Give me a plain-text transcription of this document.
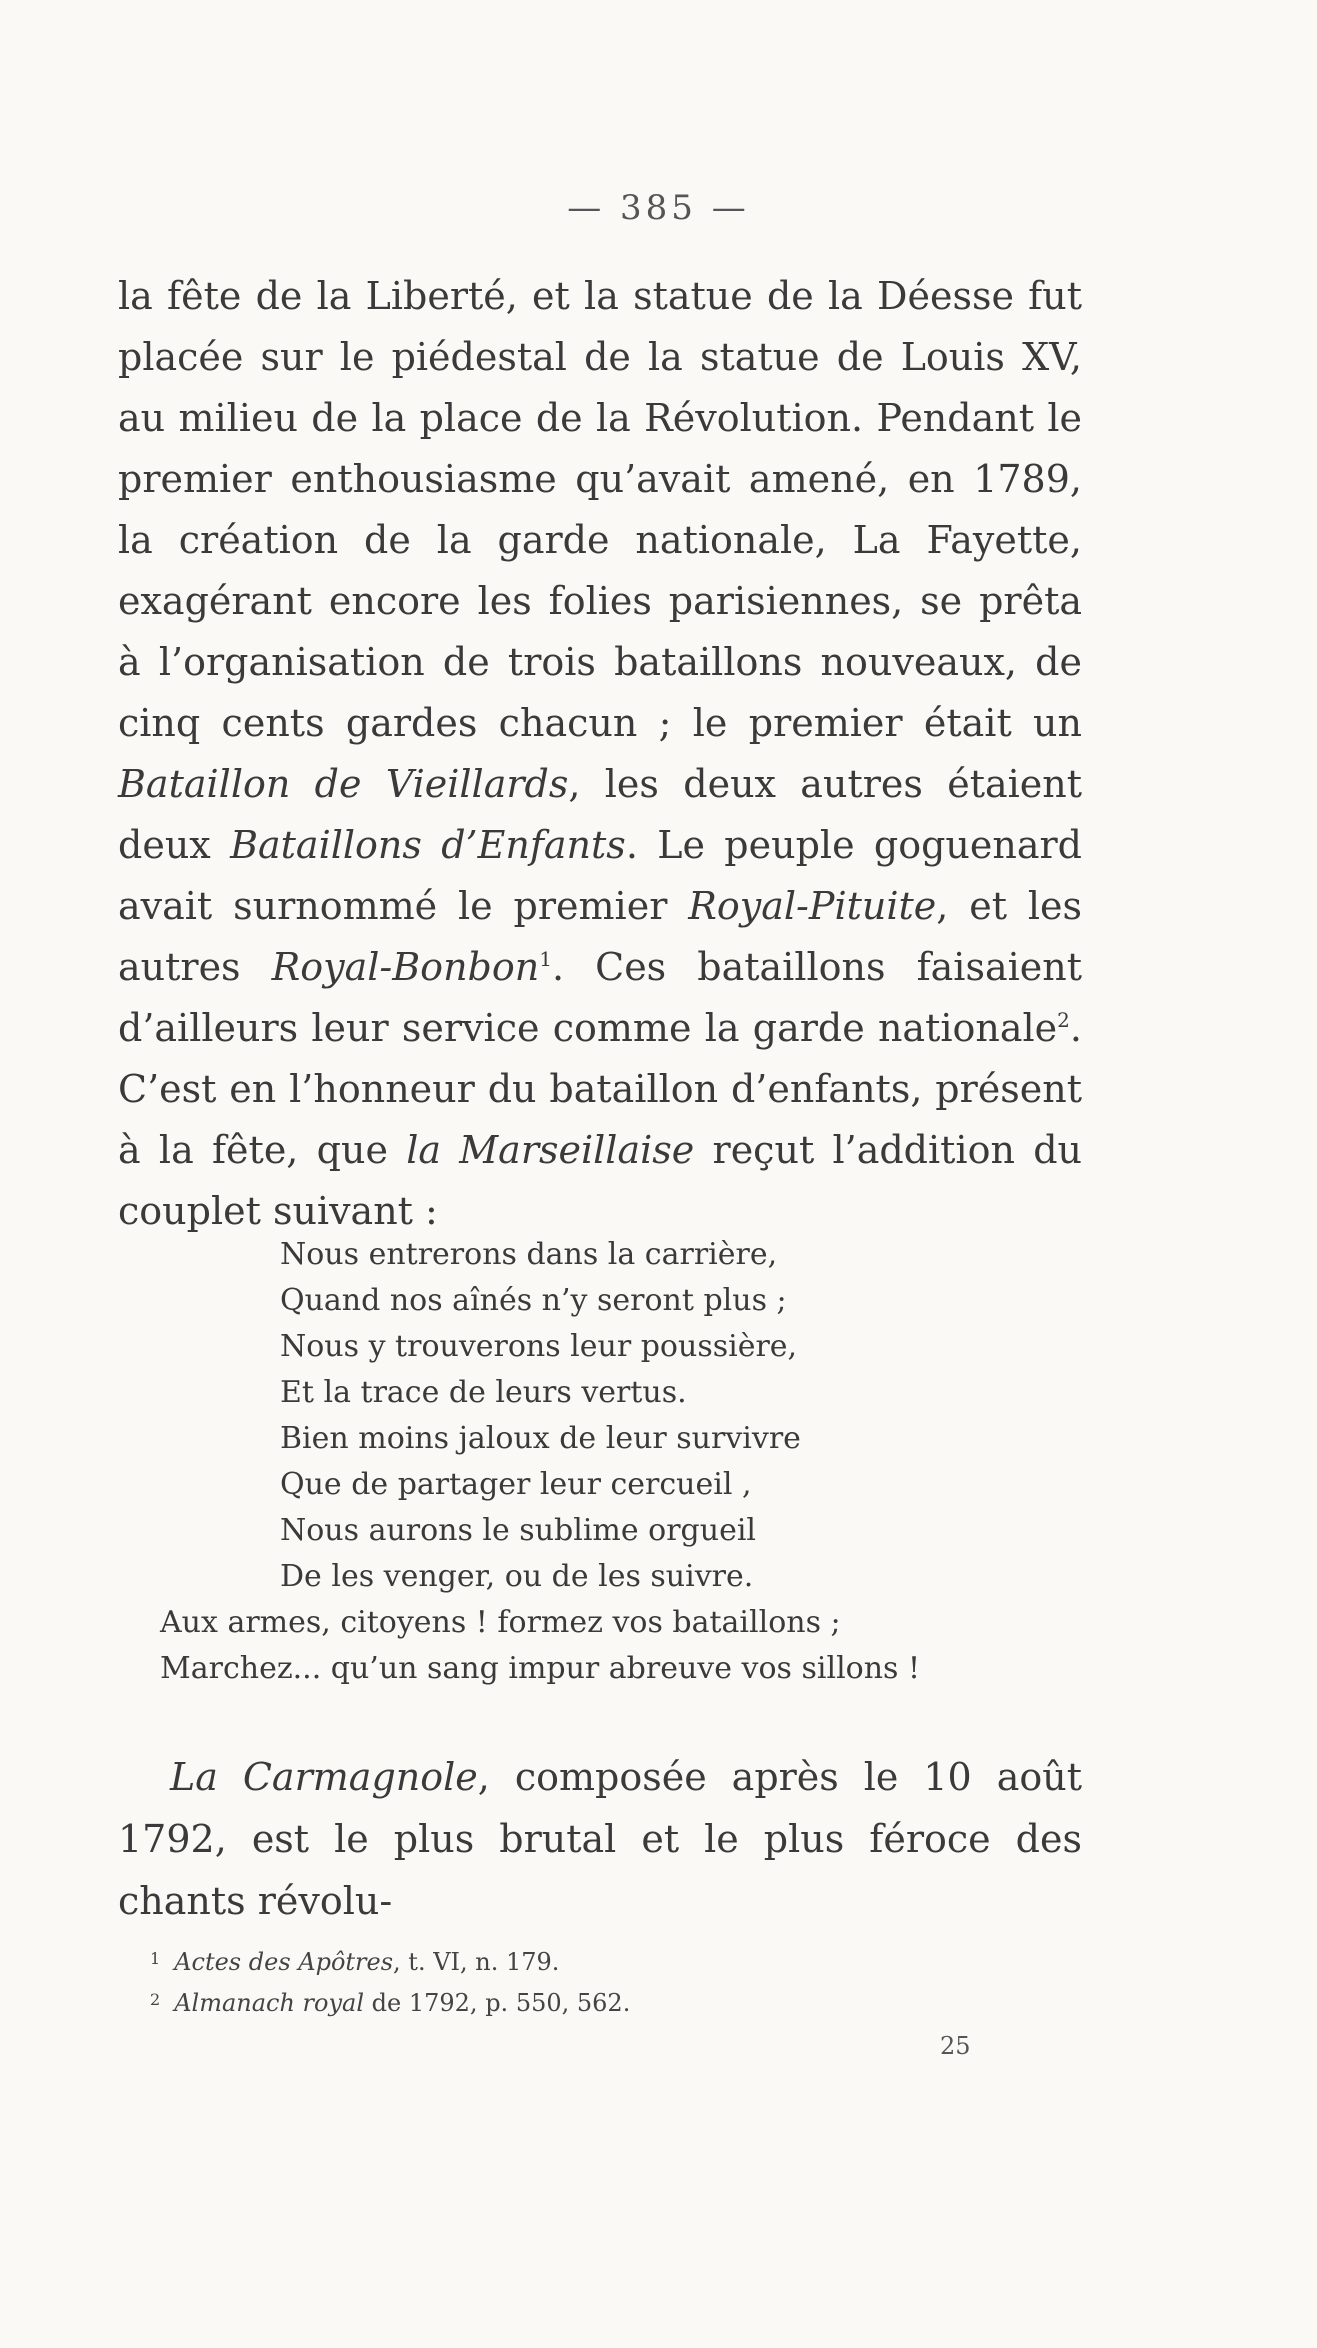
— 385 —

la fête de la Liberté, et la statue de la Déesse fut placée sur le piédestal de la statue de Louis XV, au milieu de la place de la Révolution. Pendant le premier enthousiasme qu’avait amené, en 1789, la création de la garde nationale, La Fayette, exagérant encore les folies parisiennes, se prêta à l’organisation de trois bataillons nouveaux, de cinq cents gardes chacun ; le premier était un Bataillon de Vieillards, les deux autres étaient deux Bataillons d’Enfants. Le peuple goguenard avait surnommé le premier Royal-Pituite, et les autres Royal-Bonbon$^1$. Ces bataillons faisaient d’ailleurs leur service comme la garde nationale$^2$. C’est en l’honneur du bataillon d’enfants, présent à la fête, que la Marseillaise reçut l’addition du couplet suivant :

Nous entrerons dans la carrière,
Quand nos aînés n’y seront plus ;
Nous y trouverons leur poussière,
Et la trace de leurs vertus.
Bien moins jaloux de leur survivre
Que de partager leur cercueil ,
Nous aurons le sublime orgueil
De les venger, ou de les suivre.
Aux armes, citoyens ! formez vos bataillons ;
Marchez... qu’un sang impur abreuve vos sillons !

La Carmagnole, composée après le 10 août 1792, est le plus brutal et le plus féroce des chants révolu-

$^1$ Actes des Apôtres, t. VI, n. 179.
$^2$ Almanach royal de 1792, p. 550, 562.
25
